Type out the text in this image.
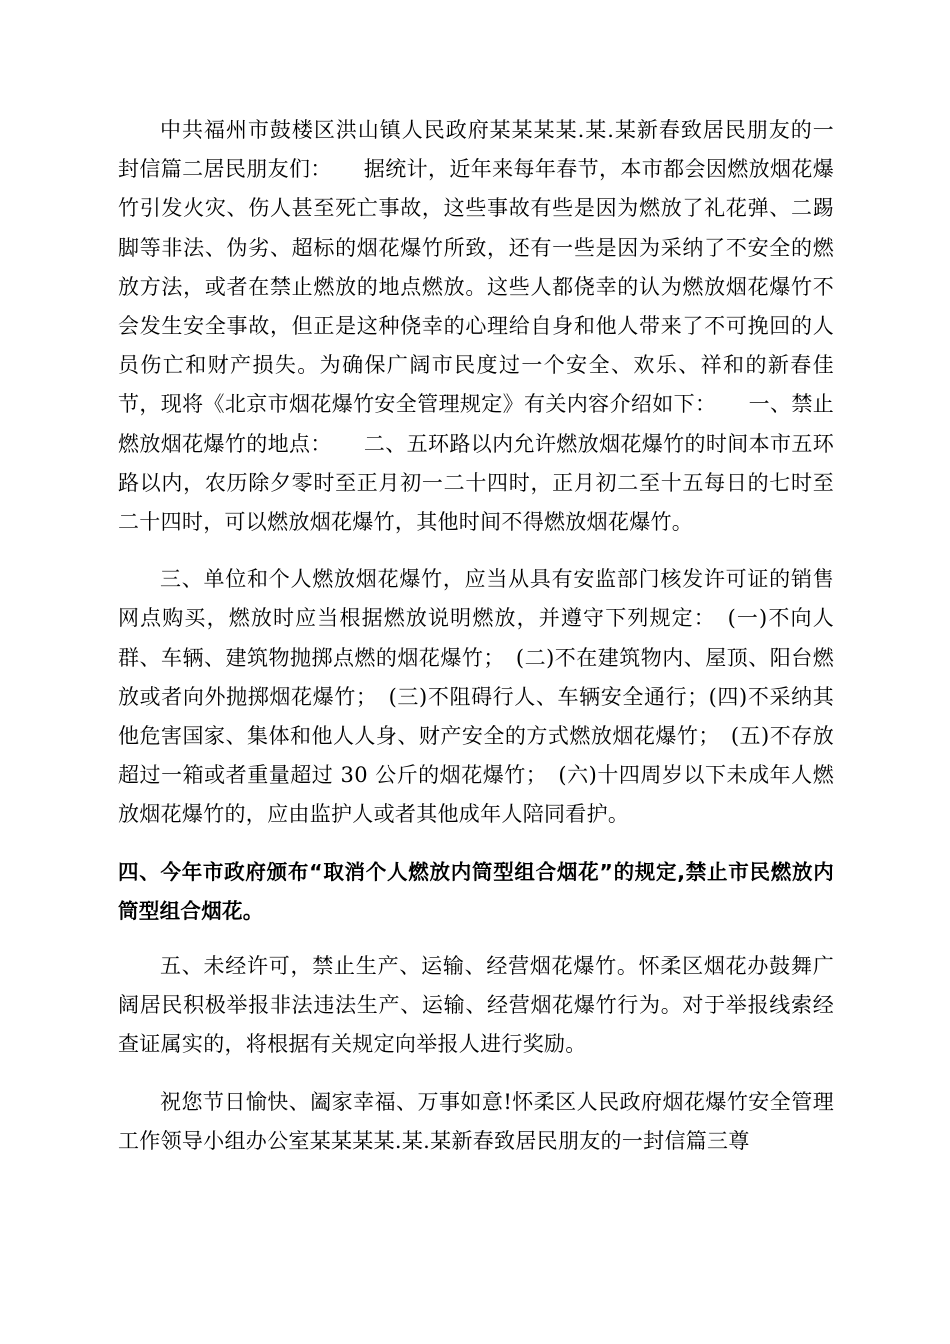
中共福州市鼓楼区洪山镇人民政府某某某某.某.某新春致居民朋友的一封信篇二居民朋友们：　　据统计，近年来每年春节，本市都会因燃放烟花爆竹引发火灾、伤人甚至死亡事故，这些事故有些是因为燃放了礼花弹、二踢脚等非法、伪劣、超标的烟花爆竹所致，还有一些是因为采纳了不安全的燃放方法，或者在禁止燃放的地点燃放。这些人都侥幸的认为燃放烟花爆竹不会发生安全事故，但正是这种侥幸的心理给自身和他人带来了不可挽回的人员伤亡和财产损失。为确保广阔市民度过一个安全、欢乐、祥和的新春佳节，现将《北京市烟花爆竹安全管理规定》有关内容介绍如下：　　一、禁止燃放烟花爆竹的地点：　　二、五环路以内允许燃放烟花爆竹的时间本市五环路以内，农历除夕零时至正月初一二十四时，正月初二至十五每日的七时至二十四时，可以燃放烟花爆竹，其他时间不得燃放烟花爆竹。

三、单位和个人燃放烟花爆竹，应当从具有安监部门核发许可证的销售网点购买，燃放时应当根据燃放说明燃放，并遵守下列规定：　(一)不向人群、车辆、建筑物抛掷点燃的烟花爆竹；　(二)不在建筑物内、屋顶、阳台燃放或者向外抛掷烟花爆竹；　(三)不阻碍行人、车辆安全通行；(四)不采纳其他危害国家、集体和他人人身、财产安全的方式燃放烟花爆竹；　(五)不存放超过一箱或者重量超过 30 公斤的烟花爆竹；　(六)十四周岁以下未成年人燃放烟花爆竹的，应由监护人或者其他成年人陪同看护。

四、今年市政府颁布“取消个人燃放内筒型组合烟花”的规定,禁止市民燃放内筒型组合烟花。

五、未经许可，禁止生产、运输、经营烟花爆竹。怀柔区烟花办鼓舞广阔居民积极举报非法违法生产、运输、经营烟花爆竹行为。对于举报线索经查证属实的，将根据有关规定向举报人进行奖励。

祝您节日愉快、阖家幸福、万事如意!怀柔区人民政府烟花爆竹安全管理工作领导小组办公室某某某某.某.某新春致居民朋友的一封信篇三尊
